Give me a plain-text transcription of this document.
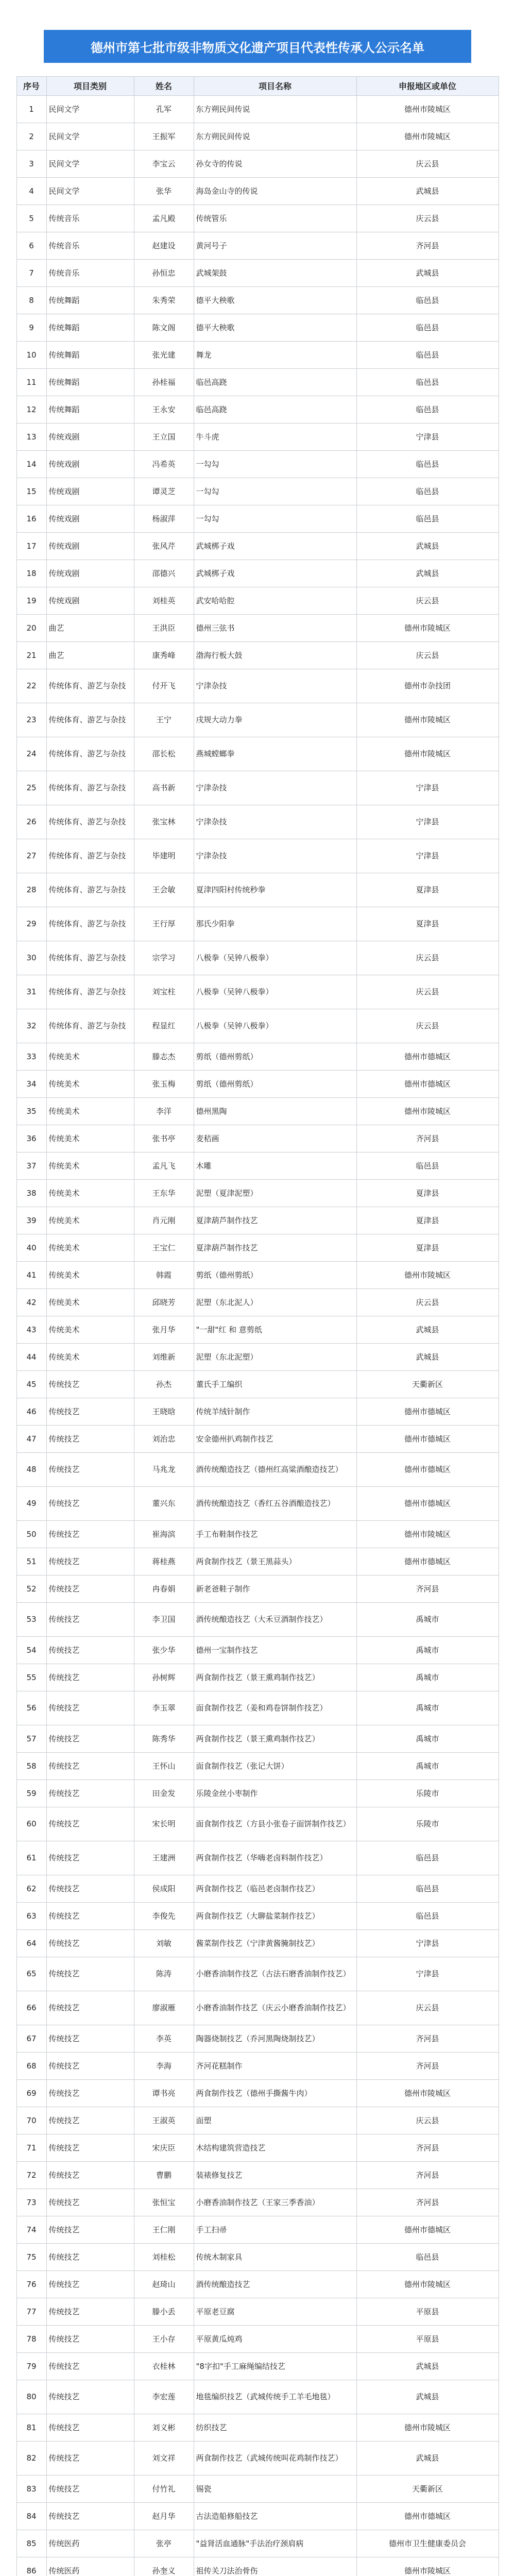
德州市第七批市级非物质文化遗产项目代表性传承人公示名单
序号	项目类别	姓名	项目名称	申报地区或单位
1	民间文学	孔军	东方朔民间传说	德州市陵城区
2	民间文学	王振军	东方朔民间传说	德州市陵城区
3	民间文学	李宝云	孙女寺的传说	庆云县
4	民间文学	张华	海岛金山寺的传说	武城县
5	传统音乐	孟凡殿	传统管乐	庆云县
6	传统音乐	赵建设	黄河号子	齐河县
7	传统音乐	孙恒忠	武城架鼓	武城县
8	传统舞蹈	朱秀荣	德平大秧歌	临邑县
9	传统舞蹈	陈文阁	德平大秧歌	临邑县
10	传统舞蹈	张光建	舞龙	临邑县
11	传统舞蹈	孙桂福	临邑高跷	临邑县
12	传统舞蹈	王永安	临邑高跷	临邑县
13	传统戏剧	王立国	牛斗虎	宁津县
14	传统戏剧	冯希英	一勾勾	临邑县
15	传统戏剧	谭灵芝	一勾勾	临邑县
16	传统戏剧	杨淑萍	一勾勾	临邑县
17	传统戏剧	张风芹	武城梆子戏	武城县
18	传统戏剧	邵德兴	武城梆子戏	武城县
19	传统戏剧	刘桂英	武安哈哈腔	庆云县
20	曲艺	王洪臣	德州三弦书	德州市陵城区
21	曲艺	康秀峰	渤海行板大鼓	庆云县
22	传统体育、游艺与杂技	付开飞	宁津杂技	德州市杂技团
23	传统体育、游艺与杂技	王宁	戌规大动力拳	德州市陵城区
24	传统体育、游艺与杂技	邵长松	燕城螳螂拳	德州市陵城区
25	传统体育、游艺与杂技	高书新	宁津杂技	宁津县
26	传统体育、游艺与杂技	张宝林	宁津杂技	宁津县
27	传统体育、游艺与杂技	毕建明	宁津杂技	宁津县
28	传统体育、游艺与杂技	王会敏	夏津四阳村传统秒拳	夏津县
29	传统体育、游艺与杂技	王行厚	那氏少阳拳	夏津县
30	传统体育、游艺与杂技	宗学习	八极拳（吴钟八极拳）	庆云县
31	传统体育、游艺与杂技	刘宝柱	八极拳（吴钟八极拳）	庆云县
32	传统体育、游艺与杂技	程显红	八极拳（吴钟八极拳）	庆云县
33	传统美术	滕志杰	剪纸（德州剪纸）	德州市德城区
34	传统美术	张玉梅	剪纸（德州剪纸）	德州市德城区
35	传统美术	李洋	德州黑陶	德州市陵城区
36	传统美术	张书亭	麦秸画	齐河县
37	传统美术	孟凡飞	木雕	临邑县
38	传统美术	王东华	泥塑（夏津泥塑）	夏津县
39	传统美术	肖元刚	夏津葫芦制作技艺	夏津县
40	传统美术	王宝仁	夏津葫芦制作技艺	夏津县
41	传统美术	韩霞	剪纸（德州剪纸）	德州市陵城区
42	传统美术	邱晓芳	泥塑（东北泥人）	庆云县
43	传统美术	张月华	"一甜"红 和 意剪纸	武城县
44	传统美术	刘维新	泥塑（东北泥塑）	武城县
45	传统技艺	孙杰	董氏手工编织	天衢新区
46	传统技艺	王晓晗	传统羊绒针制作	德州市德城区
47	传统技艺	刘治忠	安金德州扒鸡制作技艺	德州市德城区
48	传统技艺	马兆龙	酒传统酿造技艺（德州红高粱酒酿造技艺）	德州市德城区
49	传统技艺	董兴东	酒传统酿造技艺（香红五谷酒酿造技艺）	德州市德城区
50	传统技艺	崔海滨	手工布鞋制作技艺	德州市陵城区
51	传统技艺	蒋桂燕	两食制作技艺（景王黑蒜头）	德州市德城区
52	传统技艺	冉春娟	新老爸鞋子制作	齐河县
53	传统技艺	李卫国	酒传统酿造技艺（大禾豆酒制作技艺）	禹城市
54	传统技艺	张少华	德州一宝制作技艺	禹城市
55	传统技艺	孙树辉	两食制作技艺（景王熏鸡制作技艺）	禹城市
56	传统技艺	李玉翠	面食制作技艺（姜和鸡卷饼制作技艺）	禹城市
57	传统技艺	陈秀华	两食制作技艺（景王熏鸡制作技艺）	禹城市
58	传统技艺	王怀山	面食制作技艺（张记大饼）	禹城市
59	传统技艺	田金发	乐陵金丝小枣制作	乐陵市
60	传统技艺	宋长明	面食制作技艺（方县小张卷子面饼制作技艺）	乐陵市
61	传统技艺	王建洲	两食制作技艺（华嗨老卤料制作技艺）	临邑县
62	传统技艺	侯成阳	两食制作技艺（临邑老卤制作技艺）	临邑县
63	传统技艺	李俊先	两食制作技艺（大聊盐菜制作技艺）	临邑县
64	传统技艺	刘敏	酱菜制作技艺（宁津黄酱腌制技艺）	宁津县
65	传统技艺	陈涛	小磨香油制作技艺（古法石磨香油制作技艺）	宁津县
66	传统技艺	廖淑雁	小磨香油制作技艺（庆云小磨香油制作技艺）	庆云县
67	传统技艺	李英	陶器烧制技艺（乔河黑陶烧制技艺）	齐河县
68	传统技艺	李海	齐河花糕制作	齐河县
69	传统技艺	谭书亮	两食制作技艺（德州手撕酱牛肉）	德州市陵城区
70	传统技艺	王淑英	面塑	庆云县
71	传统技艺	宋庆臣	木结构建筑营造技艺	齐河县
72	传统技艺	曹鹏	装裱修复技艺	齐河县
73	传统技艺	张恒宝	小磨香油制作技艺（王家三季香油）	齐河县
74	传统技艺	王仁刚	手工扫帚	德州市德城区
75	传统技艺	刘桂松	传统木制家具	临邑县
76	传统技艺	赵琦山	酒传统酿造技艺	德州市陵城区
77	传统技艺	滕小丢	平原老豆腐	平原县
78	传统技艺	王小存	平原黄瓜炖鸡	平原县
79	传统技艺	衣桂林	"8字扣"手工麻绳编结技艺	武城县
80	传统技艺	李宏莲	地毯编织技艺（武城传统手工羊毛地毯）	武城县
81	传统技艺	刘义彬	纺织技艺	德州市陵城区
82	传统技艺	刘文祥	两食制作技艺（武城传统叫花鸡制作技艺）	武城县
83	传统技艺	付竹礼	锡瓷	天衢新区
84	传统技艺	赵月华	古法造船修船技艺	德州市德城区
85	传统医药	张亭	"益肾活血通脉"手法治疗颈肩病	德州市卫生健康委员会
86	传统医药	孙奎义	祖传关刀法治骨伤	德州市陵城区
